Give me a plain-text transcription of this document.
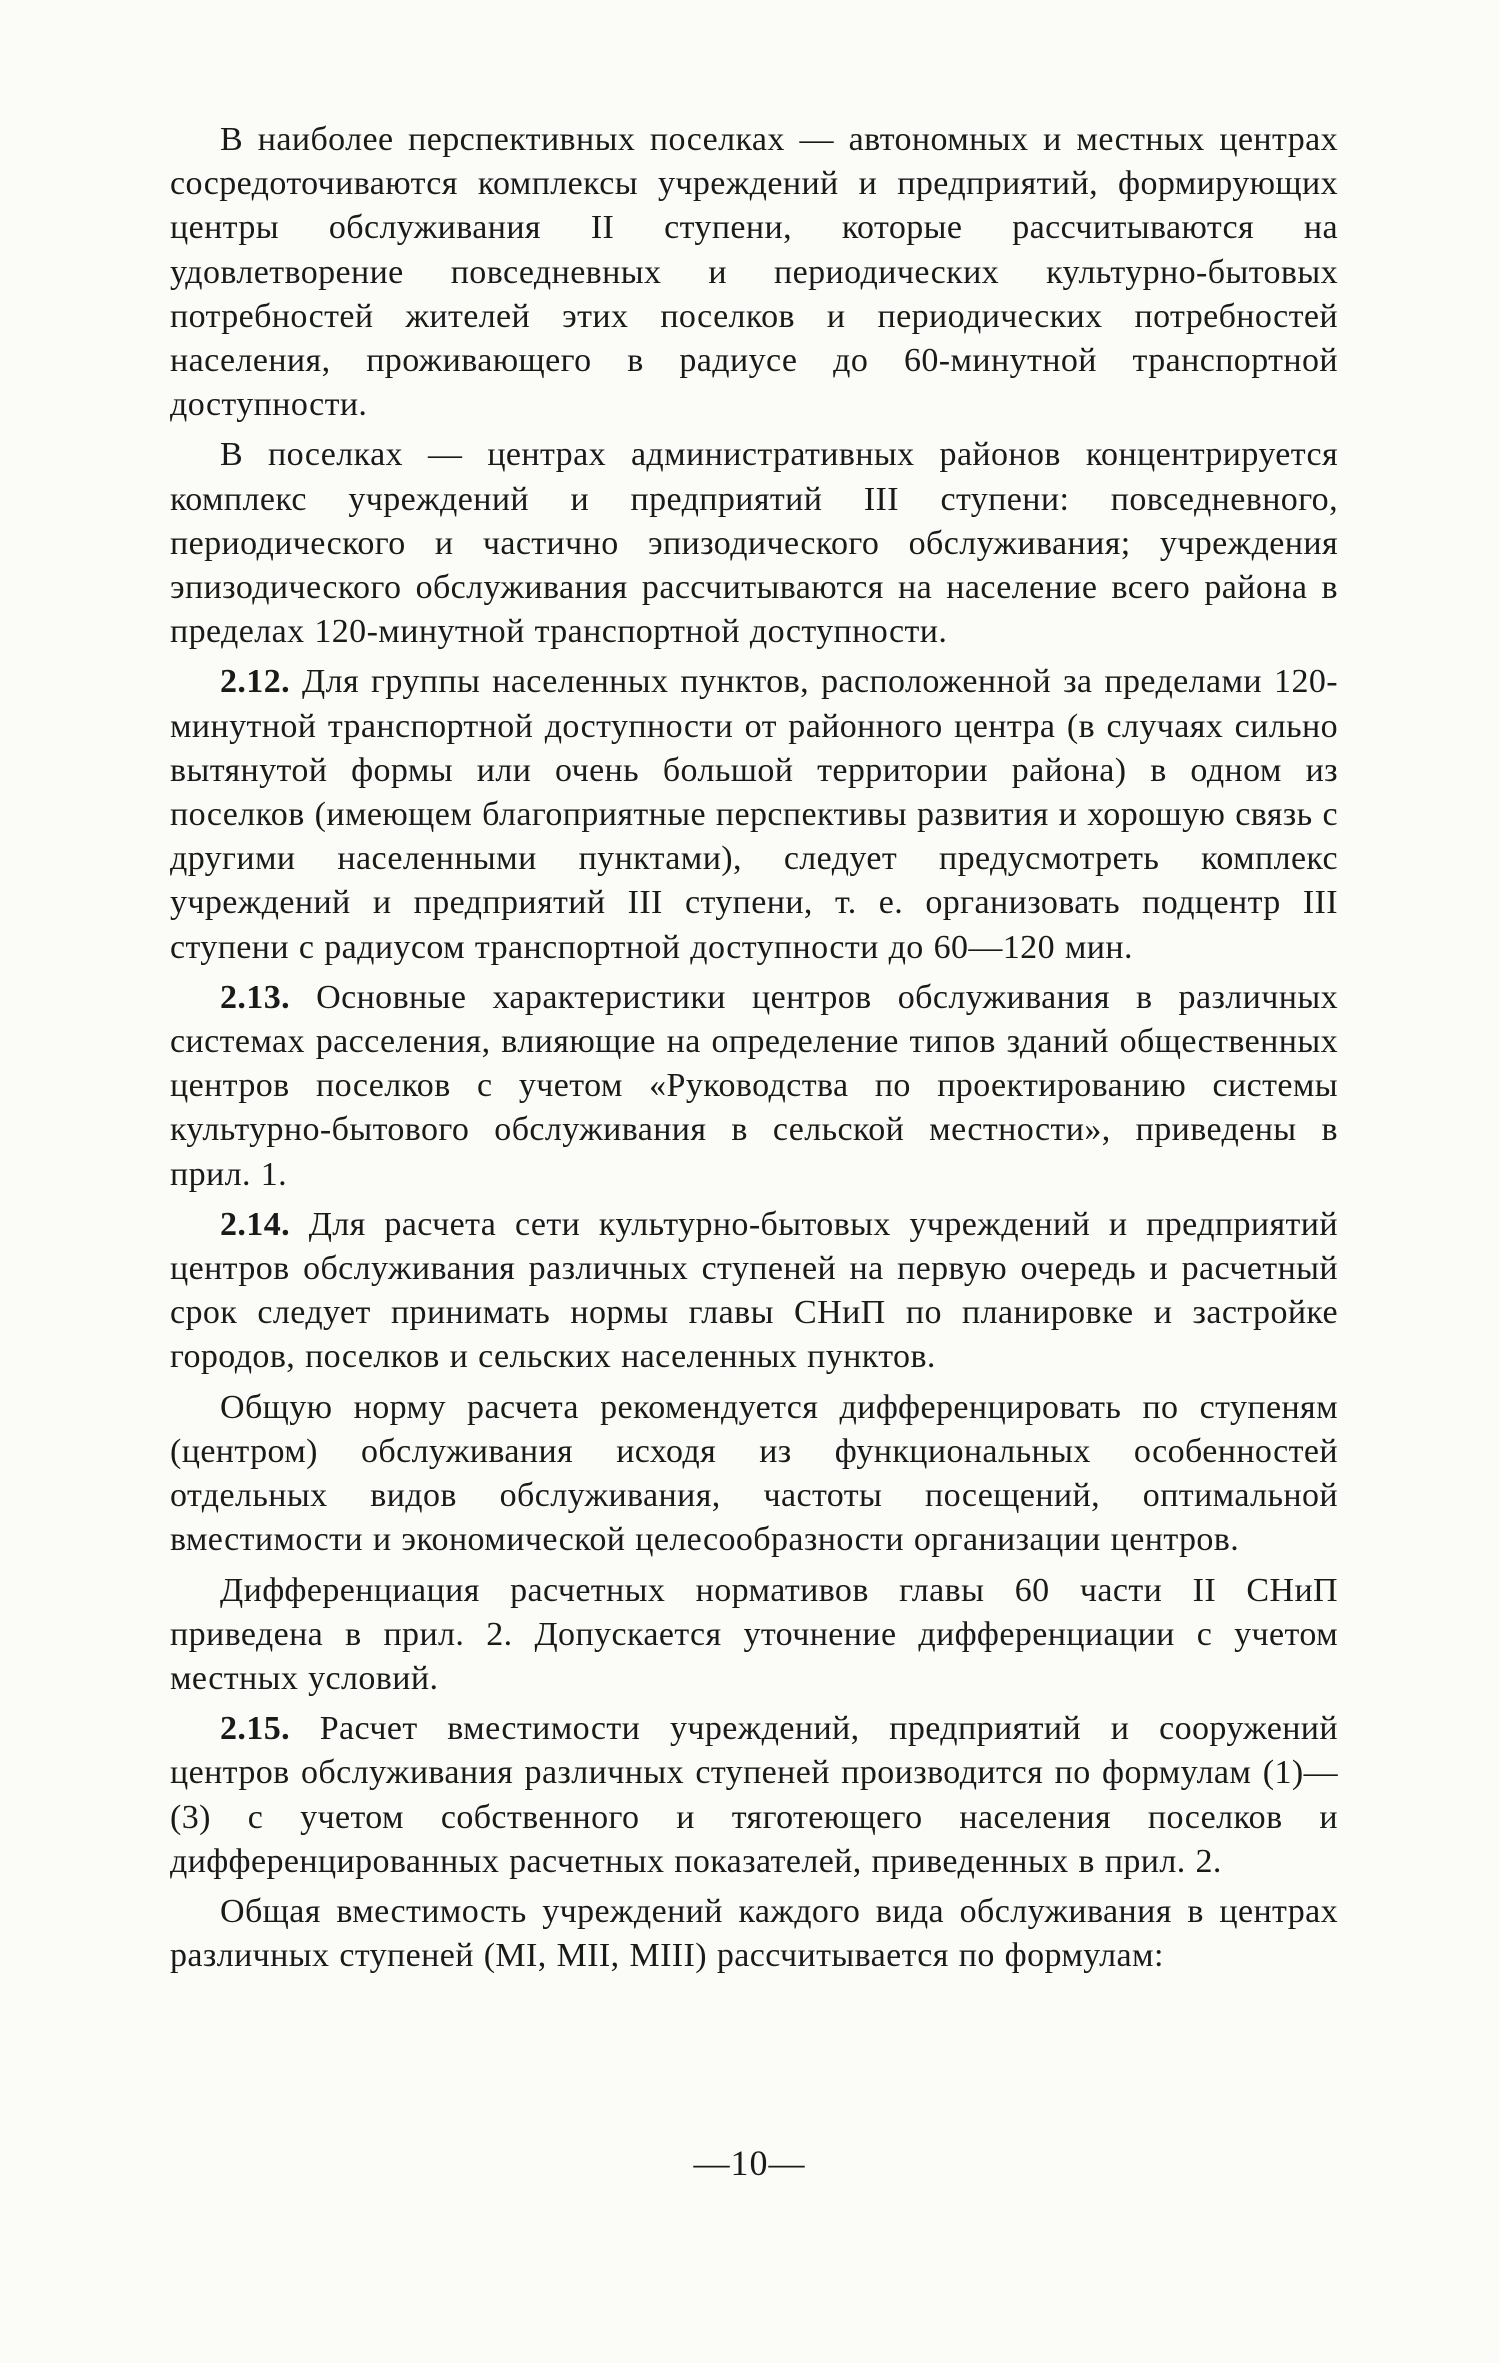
В наиболее перспективных поселках — автономных и местных центрах сосредоточиваются комплексы учреждений и предприятий, формирующих центры обслуживания II ступени, которые рассчитываются на удовлетворение повседневных и периодических культурно-бытовых потребностей жителей этих поселков и периодических потребностей населения, проживающего в радиусе до 60-минутной транспортной доступности.

В поселках — центрах административных районов концентрируется комплекс учреждений и предприятий III ступени: повседневного, периодического и частично эпизодического обслуживания; учреждения эпизодического обслуживания рассчитываются на население всего района в пределах 120-минутной транспортной доступности.

2.12. Для группы населенных пунктов, расположенной за пределами 120-минутной транспортной доступности от районного центра (в случаях сильно вытянутой формы или очень большой территории района) в одном из поселков (имеющем благоприятные перспективы развития и хорошую связь с другими населенными пунктами), следует предусмотреть комплекс учреждений и предприятий III ступени, т. е. организовать подцентр III ступени с радиусом транспортной доступности до 60—120 мин.

2.13. Основные характеристики центров обслуживания в различных системах расселения, влияющие на определение типов зданий общественных центров поселков с учетом «Руководства по проектированию системы культурно-бытового обслуживания в сельской местности», приведены в прил. 1.

2.14. Для расчета сети культурно-бытовых учреждений и предприятий центров обслуживания различных ступеней на первую очередь и расчетный срок следует принимать нормы главы СНиП по планировке и застройке городов, поселков и сельских населенных пунктов.

Общую норму расчета рекомендуется дифференцировать по ступеням (центром) обслуживания исходя из функциональных особенностей отдельных видов обслуживания, частоты посещений, оптимальной вместимости и экономической целесообразности организации центров.

Дифференциация расчетных нормативов главы 60 части II СНиП приведена в прил. 2. Допускается уточнение дифференциации с учетом местных условий.

2.15. Расчет вместимости учреждений, предприятий и сооружений центров обслуживания различных ступеней производится по формулам (1)—(3) с учетом собственного и тяготеющего населения поселков и дифференцированных расчетных показателей, приведенных в прил. 2.

Общая вместимость учреждений каждого вида обслуживания в центрах различных ступеней (MI, MII, MIII) рассчитывается по формулам:

—10—
